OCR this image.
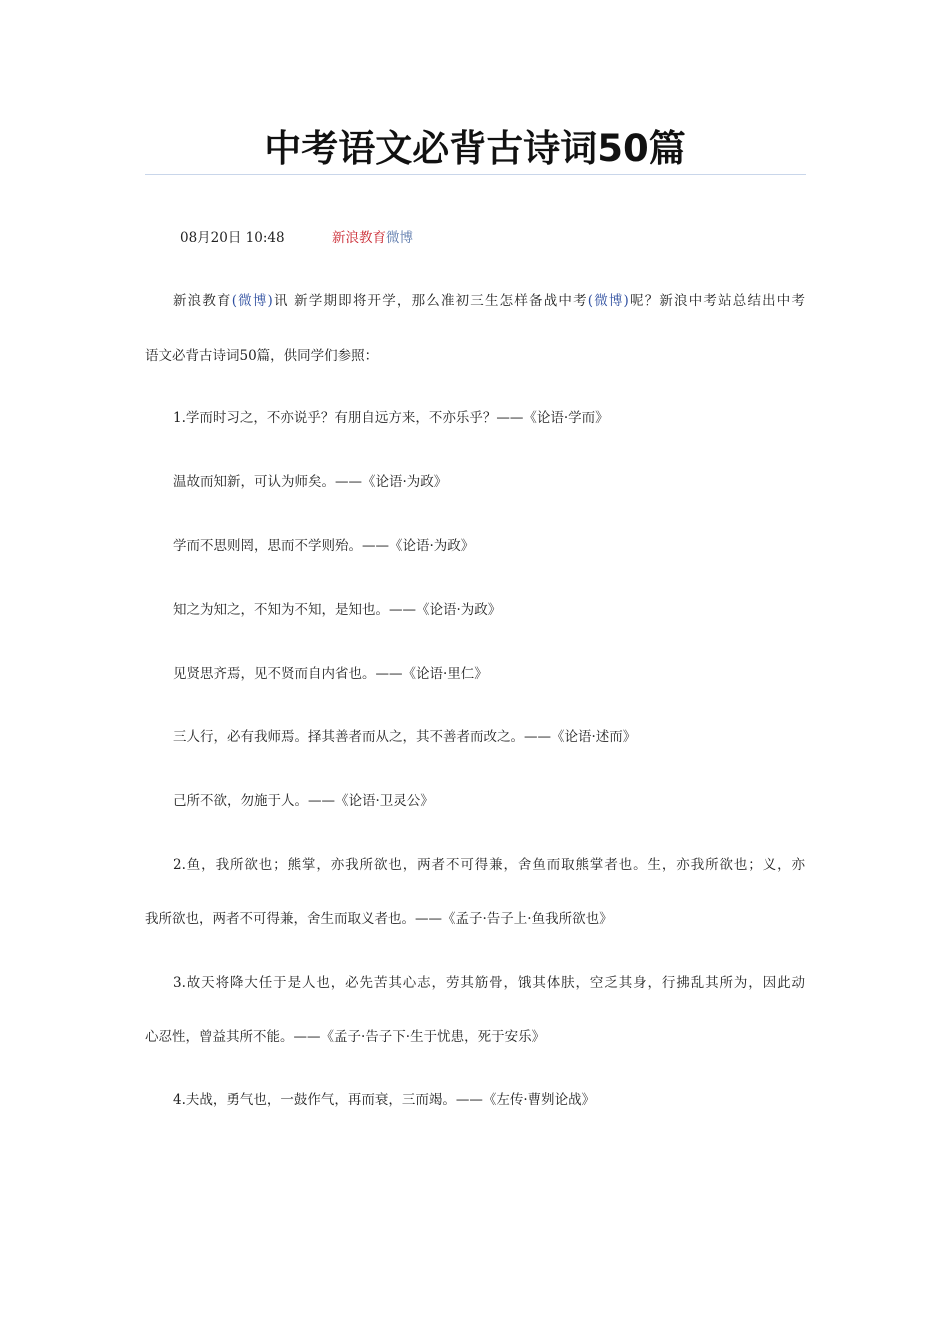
中考语文必背古诗词50篇
08月20日 10:48	新浪教育微博
新浪教育(微博)讯 新学期即将开学，那么准初三生怎样备战中考(微博)呢？新浪中考站总结出中考
语文必背古诗词50篇，供同学们参照：
1.学而时习之，不亦说乎？有朋自远方来，不亦乐乎？——《论语·学而》
温故而知新，可认为师矣。——《论语·为政》
学而不思则罔，思而不学则殆。——《论语·为政》
知之为知之，不知为不知，是知也。——《论语·为政》
见贤思齐焉，见不贤而自内省也。——《论语·里仁》
三人行，必有我师焉。择其善者而从之，其不善者而改之。——《论语·述而》
己所不欲，勿施于人。——《论语·卫灵公》
2.鱼，我所欲也；熊掌，亦我所欲也，两者不可得兼，舍鱼而取熊掌者也。生，亦我所欲也；义，亦
我所欲也，两者不可得兼，舍生而取义者也。——《孟子·告子上·鱼我所欲也》
3.故天将降大任于是人也，必先苦其心志，劳其筋骨，饿其体肤，空乏其身，行拂乱其所为，因此动
心忍性，曾益其所不能。——《孟子·告子下·生于忧患，死于安乐》
4.夫战，勇气也，一鼓作气，再而衰，三而竭。——《左传·曹刿论战》
